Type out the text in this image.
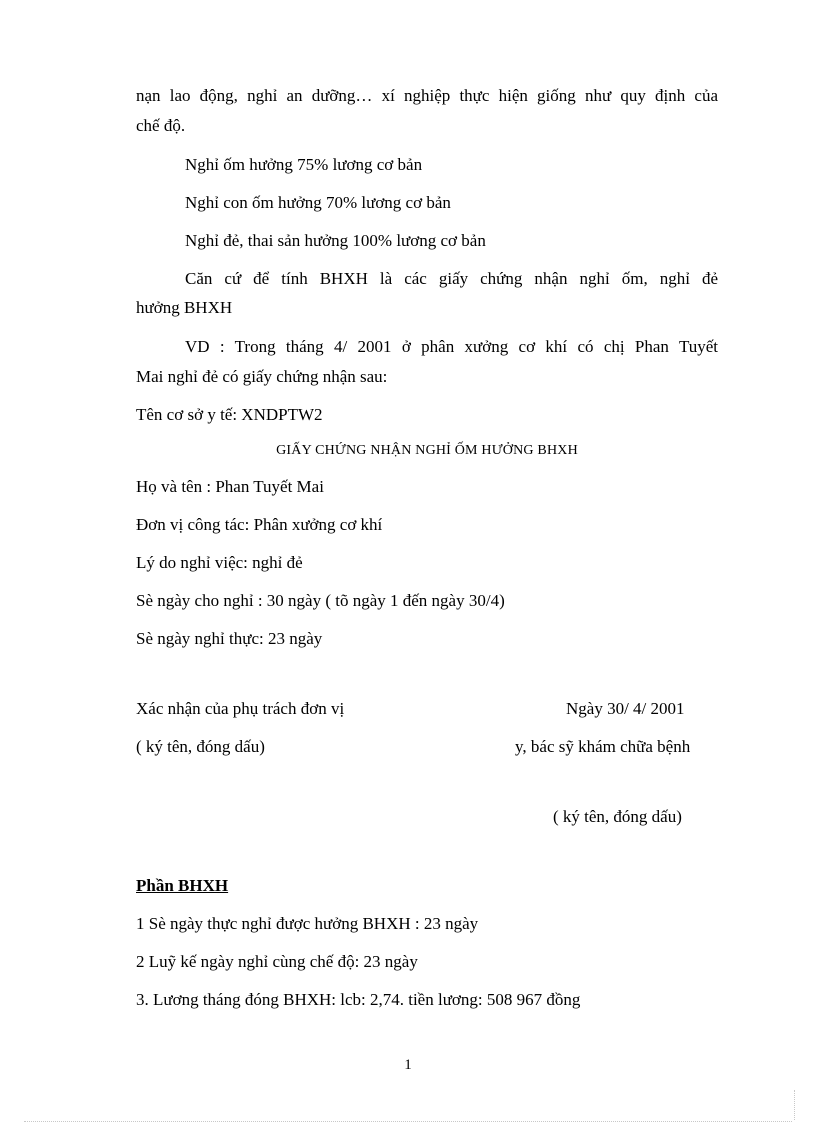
nạn lao động, nghỉ an dưỡng… xí nghiệp thực hiện giống như quy định của

chế độ.

Nghỉ ốm hưởng 75% lương cơ bản

Nghỉ con ốm hưởng 70% lương cơ bản

Nghỉ đẻ, thai sản hưởng 100% lương cơ bản

Căn cứ để tính BHXH là các giấy chứng nhận nghỉ ốm, nghỉ đẻ

hưởng BHXH

VD : Trong tháng 4/ 2001 ở phân xưởng cơ khí có chị Phan Tuyết

Mai nghỉ đẻ có giấy chứng nhận sau:

Tên cơ sở y tế: XNDPTW2

GIẤY CHỨNG NHẬN NGHỈ ỐM HƯỞNG BHXH

Họ và tên : Phan Tuyết Mai

Đơn vị công tác: Phân xưởng cơ khí

Lý do nghỉ việc: nghỉ đẻ

Sè ngày cho nghỉ : 30 ngày ( tõ ngày 1 đến ngày 30/4)

Sè ngày nghỉ thực: 23 ngày

Xác nhận của phụ trách đơn vị	Ngày 30/ 4/ 2001

( ký tên, đóng dấu)	y, bác sỹ khám chữa bệnh
( ký tên, đóng dấu)

Phần BHXH

1 Sè ngày thực nghỉ được hưởng BHXH : 23 ngày

2 Luỹ kế ngày nghỉ cùng chế độ: 23 ngày

3. Lương tháng đóng BHXH: lcb: 2,74. tiền lương: 508 967 đồng

1
